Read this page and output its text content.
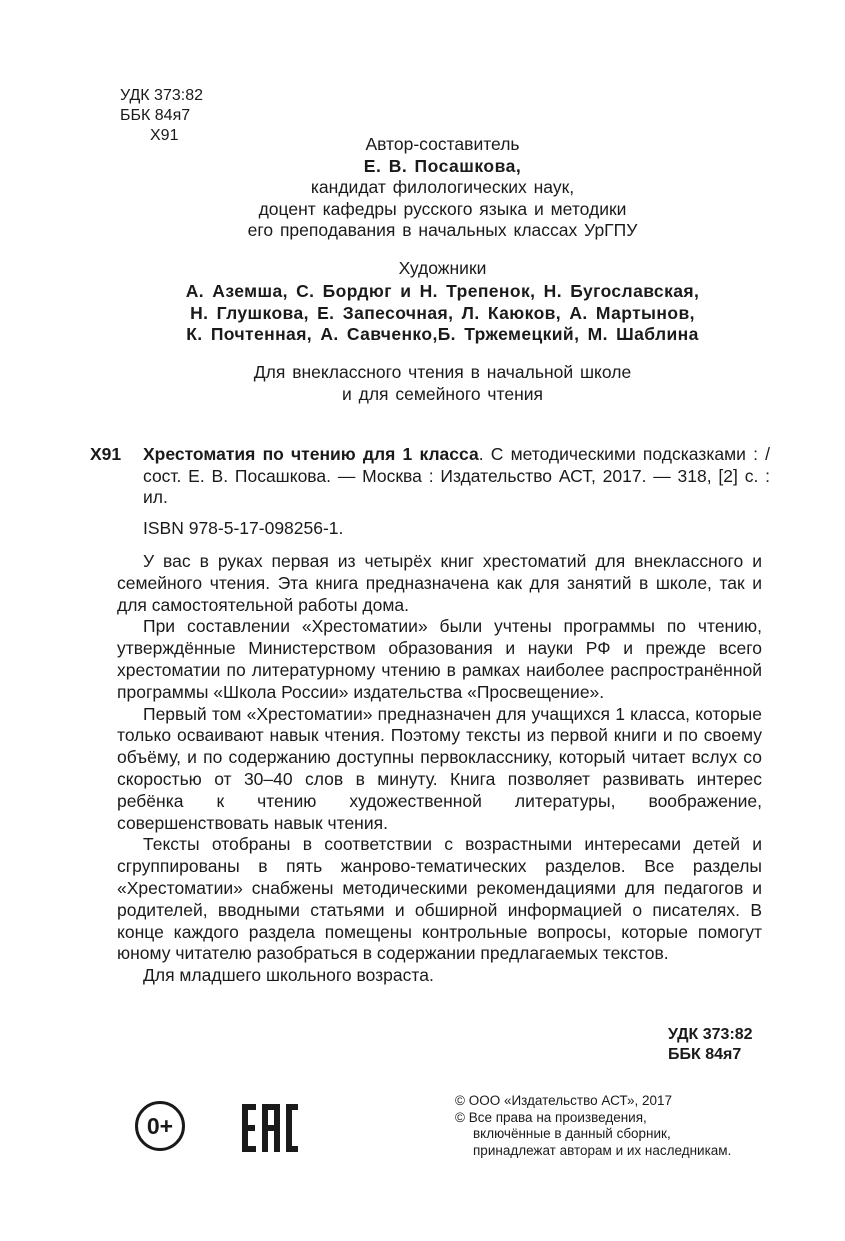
УДК 373:82
ББК 84я7
Х91	Автор-составитель
Е. В. Посашкова,
кандидат филологических наук,
доцент кафедры русского языка и методики
его преподавания в начальных классах УрГПУ
Художники
А. Аземша, С. Бордюг и Н. Трепенок, Н. Бугославская,
Н. Глушкова, Е. Запесочная, Л. Каюков, А. Мартынов,
К. Почтенная, А. Савченко,Б. Тржемецкий, М. Шаблина
Для внеклассного чтения в начальной школе
и для семейного чтения
Х91	Хрестоматия по чтению для 1 класса. С методическими подсказками : /сост. Е. В. Посашкова. — Москва : Издательство АСТ, 2017. — 318, [2] с. : ил.
ISBN 978-5-17-098256-1.

У вас в руках первая из четырёх книг хрестоматий для внеклассного и семейного чтения. Эта книга предназначена как для занятий в школе, так и для самостоятельной работы дома.

При составлении «Хрестоматии» были учтены программы по чтению, утверждённые Министерством образования и науки РФ и прежде всего хрестоматии по литературному чтению в рамках наиболее распространённой программы «Школа России» издательства «Просвещение».

Первый том «Хрестоматии» предназначен для учащихся 1 класса, которые только осваивают навык чтения. Поэтому тексты из первой книги и по своему объёму, и по содержанию доступны первокласснику, который читает вслух со скоростью от 30–40 слов в минуту. Книга позволяет развивать интерес ребёнка к чтению художественной литературы, воображение, совершенствовать навык чтения.

Тексты отобраны в соответствии с возрастными интересами детей и сгруппированы в пять жанрово-тематических разделов. Все разделы «Хрестоматии» снабжены методическими рекомендациями для педагогов и родителей, вводными статьями и обширной информацией о писателях. В конце каждого раздела помещены контрольные вопросы, которые помогут юному читателю разобраться в содержании предлагаемых текстов.

Для младшего школьного возраста.

УДК 373:82
ББК 84я7
0+
© ООО «Издательство АСТ», 2017
© Все права на произведения,
включённые в данный сборник,
принадлежат авторам и их наследникам.
